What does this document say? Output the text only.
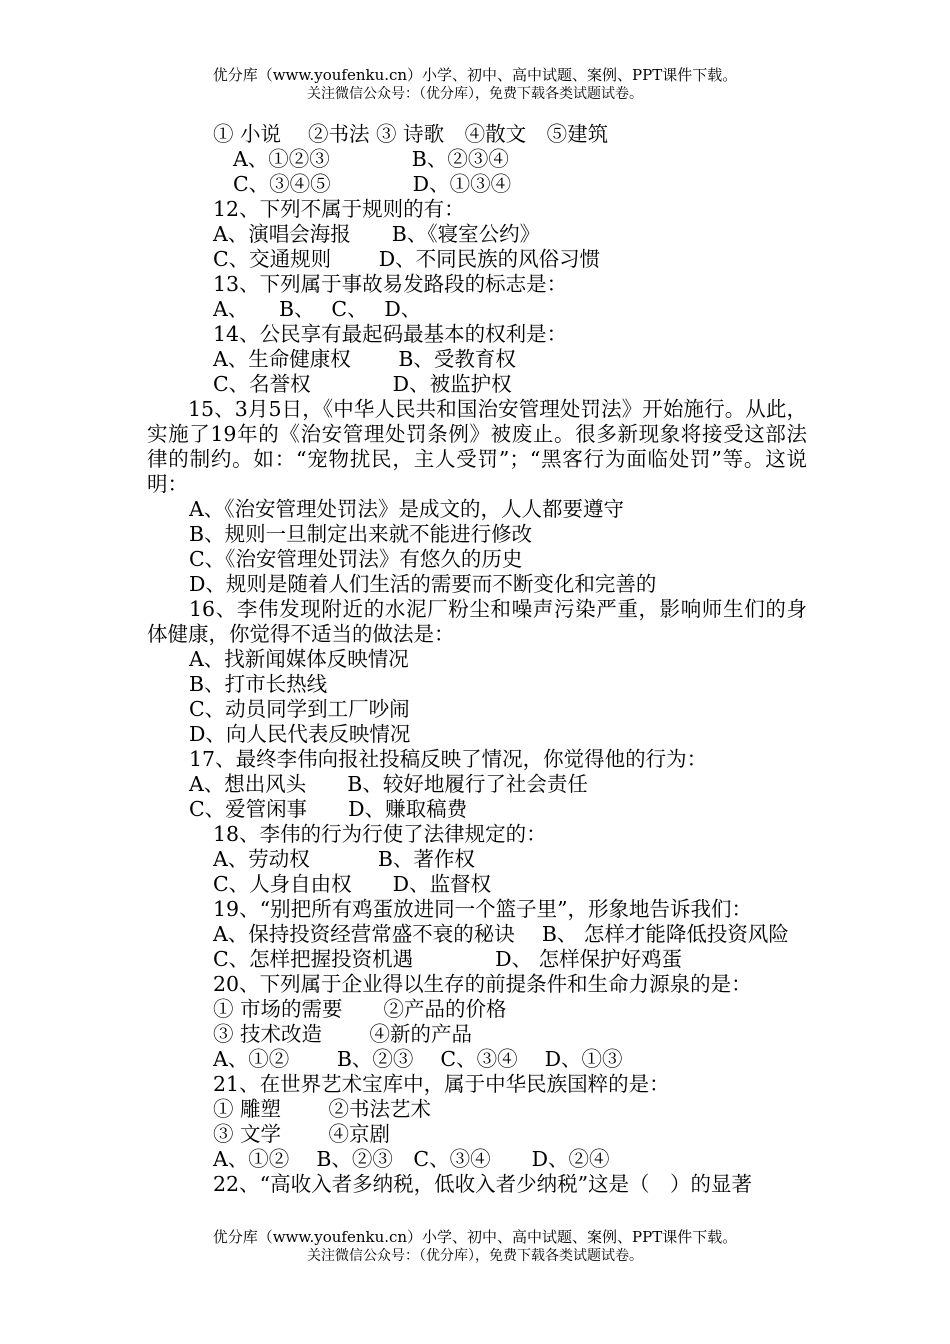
优分库（www.youfenku.cn）小学、初中、高中试题、案例、PPT课件下载。
关注微信公众号：（优分库），免费下载各类试题试卷。
① 小说　 ②书法 ③ 诗歌　④散文　⑤建筑
A、①②③　　　　B、②③④
C、③④⑤　　　　D、①③④
12、下列不属于规则的有：
A、演唱会海报　　B、《寝室公约》
C、交通规则　　 D、不同民族的风俗习惯
13、下列属于事故易发路段的标志是：
A、　　B、　 C、　 D、
14、公民享有最起码最基本的权利是：
A、生命健康权　　 B、受教育权
C、名誉权　　　　D、被监护权
15、3月5日，《中华人民共和国治安管理处罚法》开始施行。从此，实施了19年的《治安管理处罚条例》被废止。很多新现象将接受这部法律的制约。如：“宠物扰民，主人受罚”；“黑客行为面临处罚”等。这说明：
A、《治安管理处罚法》是成文的，人人都要遵守
B、规则一旦制定出来就不能进行修改
C、《治安管理处罚法》有悠久的历史
D、规则是随着人们生活的需要而不断变化和完善的
16、李伟发现附近的水泥厂粉尘和噪声污染严重，影响师生们的身体健康，你觉得不适当的做法是：
A、找新闻媒体反映情况
B、打市长热线
C、动员同学到工厂吵闹
D、向人民代表反映情况
17、最终李伟向报社投稿反映了情况，你觉得他的行为：
A、想出风头　　B、较好地履行了社会责任
C、爱管闲事　　D、赚取稿费
18、李伟的行为行使了法律规定的：
A、劳动权　　　 B、著作权
C、人身自由权　　D、监督权
19、“别把所有鸡蛋放进同一个篮子里”，形象地告诉我们：
A、保持投资经营常盛不衰的秘诀　 B、 怎样才能降低投资风险
C、怎样把握投资机遇　　　　D、 怎样保护好鸡蛋
20、下列属于企业得以生存的前提条件和生命力源泉的是：
① 市场的需要　　②产品的价格
③ 技术改造　　 ④新的产品
A、①②　　 B、②③　 C、③④　 D、①③
21、在世界艺术宝库中，属于中华民族国粹的是：
① 雕塑　　 ②书法艺术
③ 文学　　 ④京剧
A、①②　 B、②③　C、③④　　D、②④
22、“高收入者多纳税，低收入者少纳税”这是（　）的显著
优分库（www.youfenku.cn）小学、初中、高中试题、案例、PPT课件下载。
关注微信公众号：（优分库），免费下载各类试题试卷。
